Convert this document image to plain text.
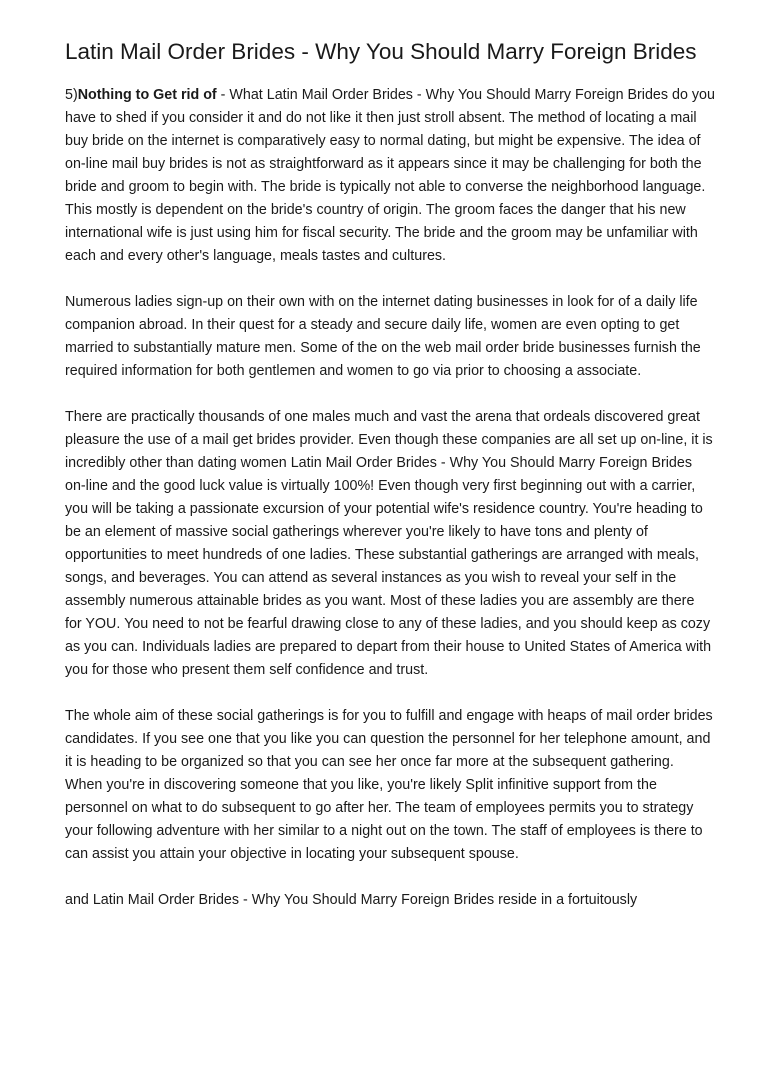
Latin Mail Order Brides - Why You Should Marry Foreign Brides

5)Nothing to Get rid of - What Latin Mail Order Brides - Why You Should Marry Foreign Brides do you have to shed if you consider it and do not like it then just stroll absent. The method of locating a mail buy bride on the internet is comparatively easy to normal dating, but might be expensive. The idea of on-line mail buy brides is not as straightforward as it appears since it may be challenging for both the bride and groom to begin with. The bride is typically not able to converse the neighborhood language. This mostly is dependent on the bride's country of origin. The groom faces the danger that his new international wife is just using him for fiscal security. The bride and the groom may be unfamiliar with each and every other's language, meals tastes and cultures.

Numerous ladies sign-up on their own with on the internet dating businesses in look for of a daily life companion abroad. In their quest for a steady and secure daily life, women are even opting to get married to substantially mature men. Some of the on the web mail order bride businesses furnish the required information for both gentlemen and women to go via prior to choosing a associate.

There are practically thousands of one males much and vast the arena that ordeals discovered great pleasure the use of a mail get brides provider. Even though these companies are all set up on-line, it is incredibly other than dating women Latin Mail Order Brides - Why You Should Marry Foreign Brides on-line and the good luck value is virtually 100%! Even though very first beginning out with a carrier, you will be taking a passionate excursion of your potential wife's residence country. You're heading to be an element of massive social gatherings wherever you're likely to have tons and plenty of opportunities to meet hundreds of one ladies. These substantial gatherings are arranged with meals, songs, and beverages. You can attend as several instances as you wish to reveal your self in the assembly numerous attainable brides as you want. Most of these ladies you are assembly are there for YOU. You need to not be fearful drawing close to any of these ladies, and you should keep as cozy as you can. Individuals ladies are prepared to depart from their house to United States of America with you for those who present them self confidence and trust.

The whole aim of these social gatherings is for you to fulfill and engage with heaps of mail order brides candidates. If you see one that you like you can question the personnel for her telephone amount, and it is heading to be organized so that you can see her once far more at the subsequent gathering. When you're in discovering someone that you like, you're likely Split infinitive support from the personnel on what to do subsequent to go after her. The team of employees permits you to strategy your following adventure with her similar to a night out on the town. The staff of employees is there to can assist you attain your objective in locating your subsequent spouse.

and Latin Mail Order Brides - Why You Should Marry Foreign Brides reside in a fortuitously
